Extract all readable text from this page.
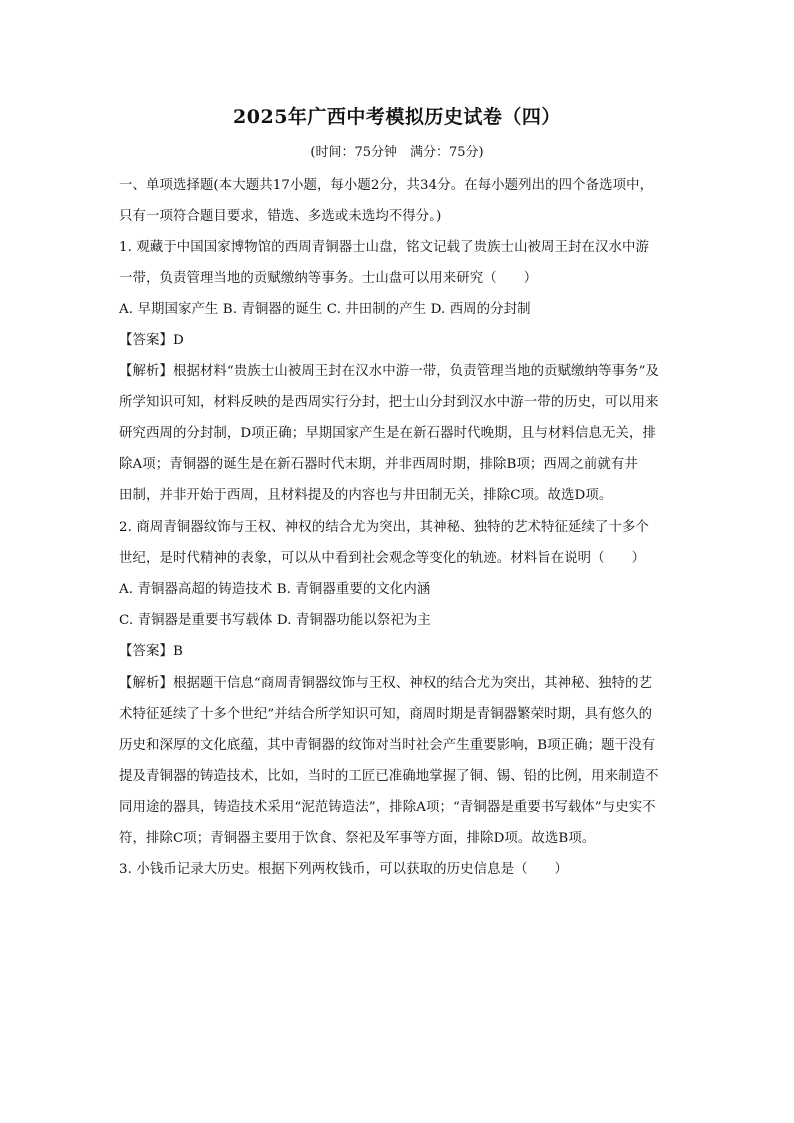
2025年广西中考模拟历史试卷（四）
(时间：75分钟　满分：75分)
一、单项选择题(本大题共17小题，每小题2分，共34分。在每小题列出的四个备选项中，
只有一项符合题目要求，错选、多选或未选均不得分。)
1. 观藏于中国国家博物馆的西周青铜器士山盘，铭文记载了贵族士山被周王封在汉水中游
一带，负责管理当地的贡赋缴纳等事务。士山盘可以用来研究（　　）
A. 早期国家产生 B. 青铜器的诞生 C. 井田制的产生 D. 西周的分封制
【答案】D
【解析】根据材料“贵族士山被周王封在汉水中游一带，负责管理当地的贡赋缴纳等事务”及
所学知识可知，材料反映的是西周实行分封，把士山分封到汉水中游一带的历史，可以用来
研究西周的分封制，D项正确；早期国家产生是在新石器时代晚期，且与材料信息无关，排
除A项；青铜器的诞生是在新石器时代末期，并非西周时期，排除B项；西周之前就有井
田制，并非开始于西周，且材料提及的内容也与井田制无关，排除C项。故选D项。
2. 商周青铜器纹饰与王权、神权的结合尤为突出，其神秘、独特的艺术特征延续了十多个
世纪，是时代精神的表象，可以从中看到社会观念等变化的轨迹。材料旨在说明（　　）
A. 青铜器高超的铸造技术 B. 青铜器重要的文化内涵
C. 青铜器是重要书写载体 D. 青铜器功能以祭祀为主
【答案】B
【解析】根据题干信息“商周青铜器纹饰与王权、神权的结合尤为突出，其神秘、独特的艺
术特征延续了十多个世纪”并结合所学知识可知，商周时期是青铜器繁荣时期，具有悠久的
历史和深厚的文化底蕴，其中青铜器的纹饰对当时社会产生重要影响，B项正确；题干没有
提及青铜器的铸造技术，比如，当时的工匠已准确地掌握了铜、锡、铅的比例，用来制造不
同用途的器具，铸造技术采用“泥范铸造法”，排除A项；“青铜器是重要书写载体”与史实不
符，排除C项；青铜器主要用于饮食、祭祀及军事等方面，排除D项。故选B项。
3. 小钱币记录大历史。根据下列两枚钱币，可以获取的历史信息是（　　）
